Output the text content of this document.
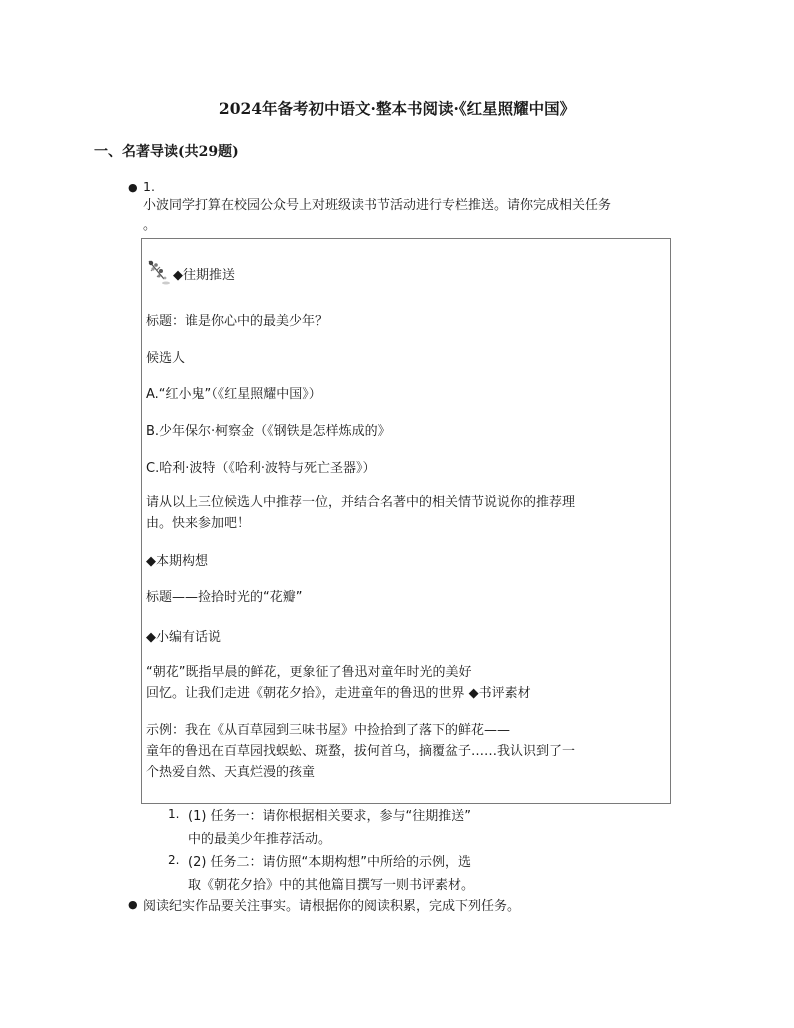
2024年备考初中语文·整本书阅读·《红星照耀中国》
一、名著导读(共29题)
● 1.
小波同学打算在校园公众号上对班级读书节活动进行专栏推送。请你完成相关任务
。
◆往期推送
标题：谁是你心中的最美少年？
候选人
A.“红小鬼”（《红星照耀中国》）
B.少年保尔·柯察金（《钢铁是怎样炼成的》
C.哈利·波特（《哈利·波特与死亡圣器》）
请从以上三位候选人中推荐一位，并结合名著中的相关情节说说你的推荐理
由。快来参加吧！
◆本期构想
标题——捡拾时光的“花瓣”
◆小编有话说
“朝花”既指早晨的鲜花，更象征了鲁迅对童年时光的美好
回忆。让我们走进《朝花夕拾》，走进童年的鲁迅的世界 ◆书评素材
示例：我在《从百草园到三味书屋》中捡拾到了落下的鲜花——
童年的鲁迅在百草园找蜈蚣、斑蝥，拔何首乌，摘覆盆子……我认识到了一
个热爱自然、天真烂漫的孩童
1. (1) 任务一：请你根据相关要求，参与“往期推送”
中的最美少年推荐活动。
2. (2) 任务二：请仿照“本期构想”中所给的示例，选
取《朝花夕拾》中的其他篇目撰写一则书评素材。
● 阅读纪实作品要关注事实。请根据你的阅读积累，完成下列任务。
